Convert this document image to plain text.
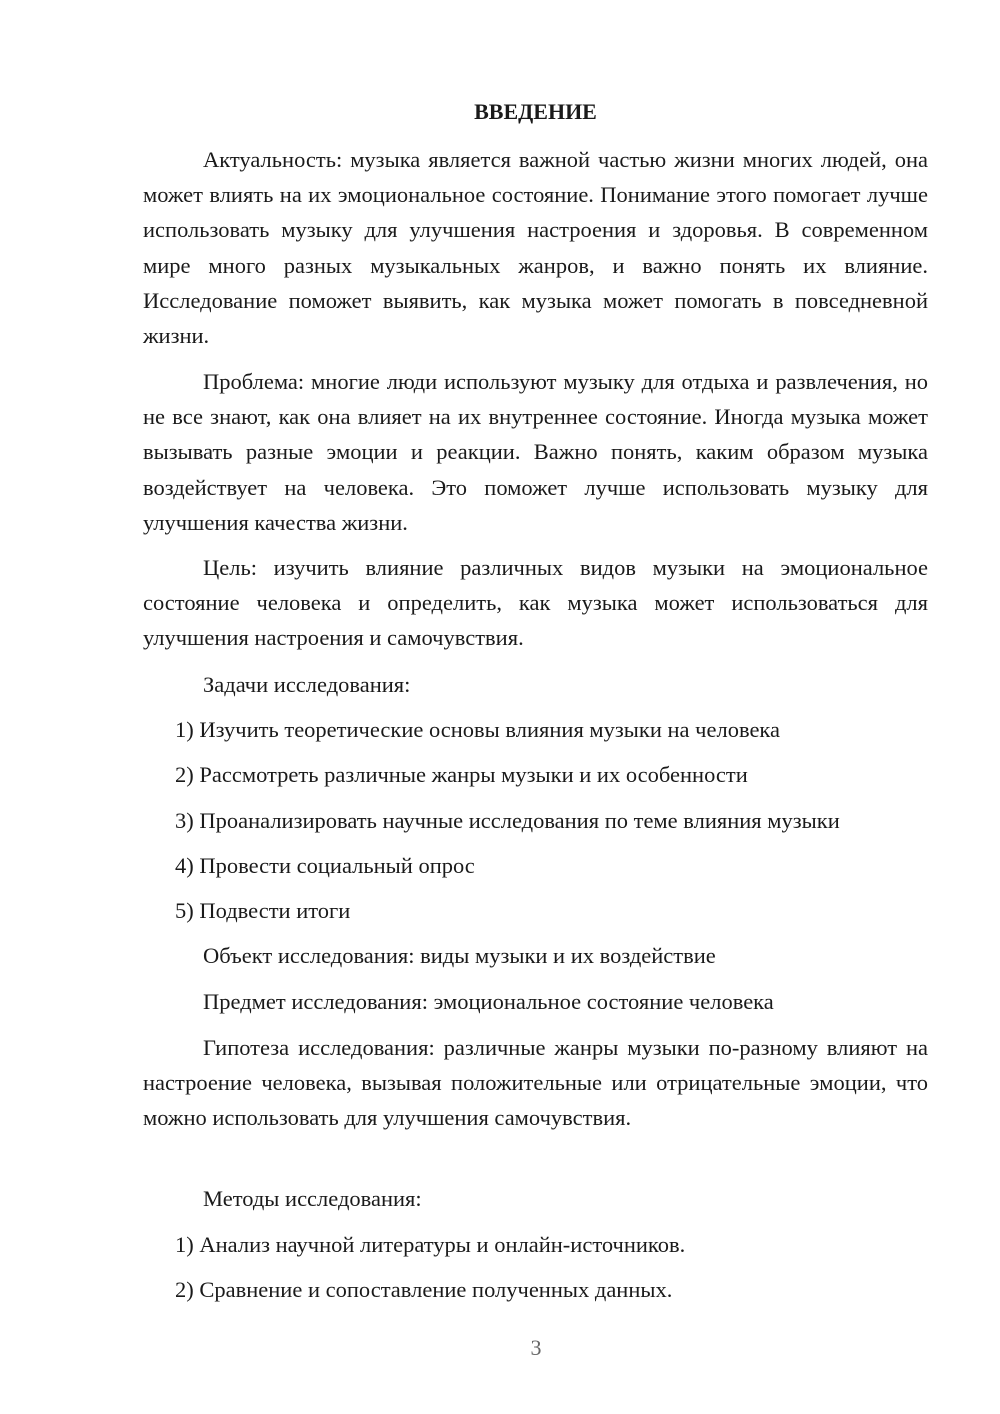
ВВЕДЕНИЕ

Актуальность: музыка является важной частью жизни многих людей, она может влиять на их эмоциональное состояние. Понимание этого помогает лучше использовать музыку для улучшения настроения и здоровья. В современном мире много разных музыкальных жанров, и важно понять их влияние. Исследование поможет выявить, как музыка может помогать в повседневной жизни.

Проблема: многие люди используют музыку для отдыха и развлечения, но не все знают, как она влияет на их внутреннее состояние. Иногда музыка может вызывать разные эмоции и реакции. Важно понять, каким образом музыка воздействует на человека. Это поможет лучше использовать музыку для улучшения качества жизни.

Цель: изучить влияние различных видов музыки на эмоциональное состояние человека и определить, как музыка может использоваться для улучшения настроения и самочувствия.

Задачи исследования:

1) Изучить теоретические основы влияния музыки на человека

2) Рассмотреть различные жанры музыки и их особенности

3) Проанализировать научные исследования по теме влияния музыки

4) Провести социальный опрос

5) Подвести итоги

Объект исследования: виды музыки и их воздействие

Предмет исследования: эмоциональное состояние человека

Гипотеза исследования: различные жанры музыки по-разному влияют на настроение человека, вызывая положительные или отрицательные эмоции, что можно использовать для улучшения самочувствия.

Методы исследования:

1) Анализ научной литературы и онлайн-источников.

2) Сравнение и сопоставление полученных данных.

3
